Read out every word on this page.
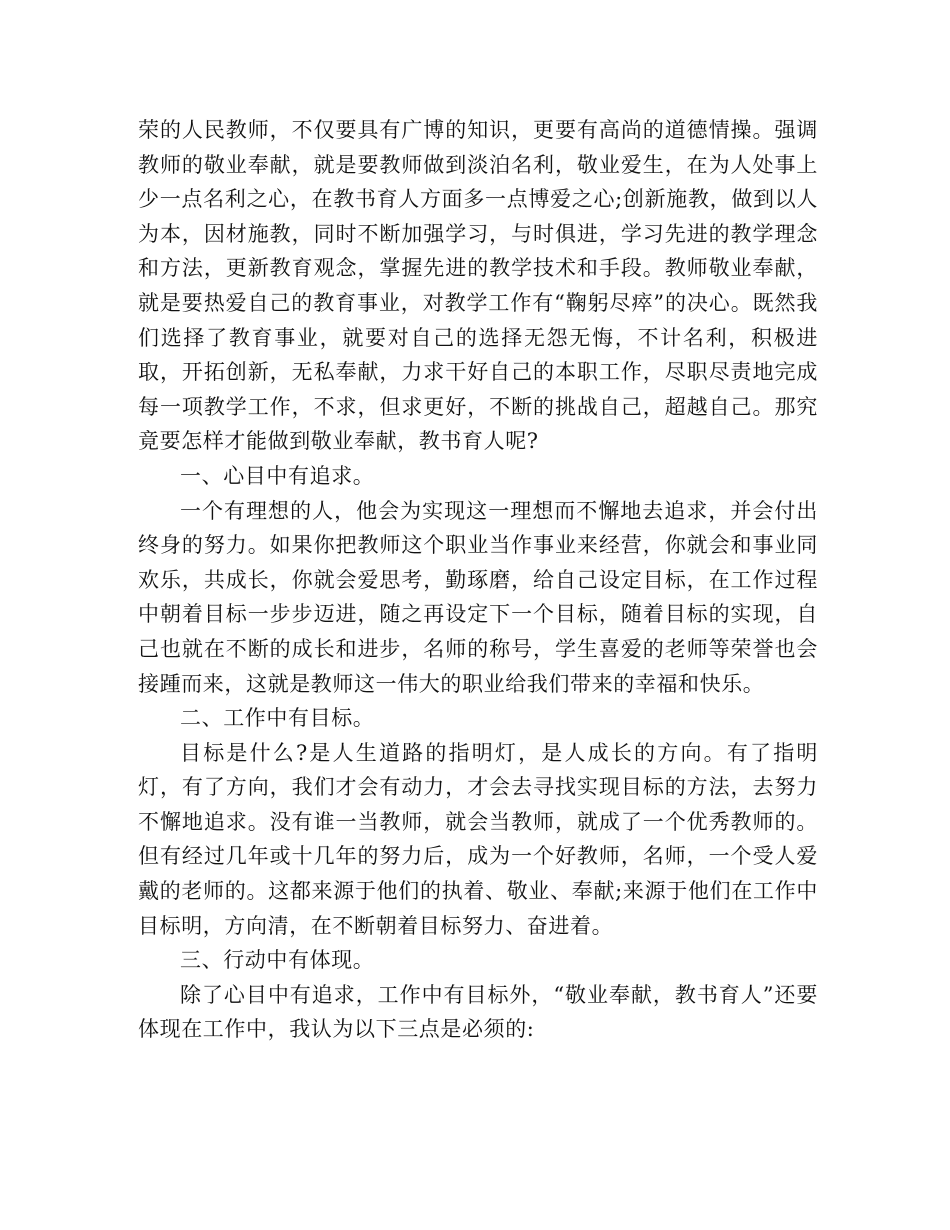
荣的人民教师，不仅要具有广博的知识，更要有高尚的道德情操。强调教师的敬业奉献，就是要教师做到淡泊名利，敬业爱生，在为人处事上少一点名利之心，在教书育人方面多一点博爱之心;创新施教，做到以人为本，因材施教，同时不断加强学习，与时俱进，学习先进的教学理念和方法，更新教育观念，掌握先进的教学技术和手段。教师敬业奉献，就是要热爱自己的教育事业，对教学工作有“鞠躬尽瘁”的决心。既然我们选择了教育事业，就要对自己的选择无怨无悔，不计名利，积极进取，开拓创新，无私奉献，力求干好自己的本职工作，尽职尽责地完成每一项教学工作，不求，但求更好，不断的挑战自己，超越自己。那究竟要怎样才能做到敬业奉献，教书育人呢?

一、心目中有追求。

一个有理想的人，他会为实现这一理想而不懈地去追求，并会付出终身的努力。如果你把教师这个职业当作事业来经营，你就会和事业同欢乐，共成长，你就会爱思考，勤琢磨，给自己设定目标，在工作过程中朝着目标一步步迈进，随之再设定下一个目标，随着目标的实现，自己也就在不断的成长和进步，名师的称号，学生喜爱的老师等荣誉也会接踵而来，这就是教师这一伟大的职业给我们带来的幸福和快乐。

二、工作中有目标。

目标是什么?是人生道路的指明灯，是人成长的方向。有了指明灯，有了方向，我们才会有动力，才会去寻找实现目标的方法，去努力不懈地追求。没有谁一当教师，就会当教师，就成了一个优秀教师的。但有经过几年或十几年的努力后，成为一个好教师，名师，一个受人爱戴的老师的。这都来源于他们的执着、敬业、奉献;来源于他们在工作中目标明，方向清，在不断朝着目标努力、奋进着。

三、行动中有体现。

除了心目中有追求，工作中有目标外，“敬业奉献，教书育人”还要体现在工作中，我认为以下三点是必须的:
